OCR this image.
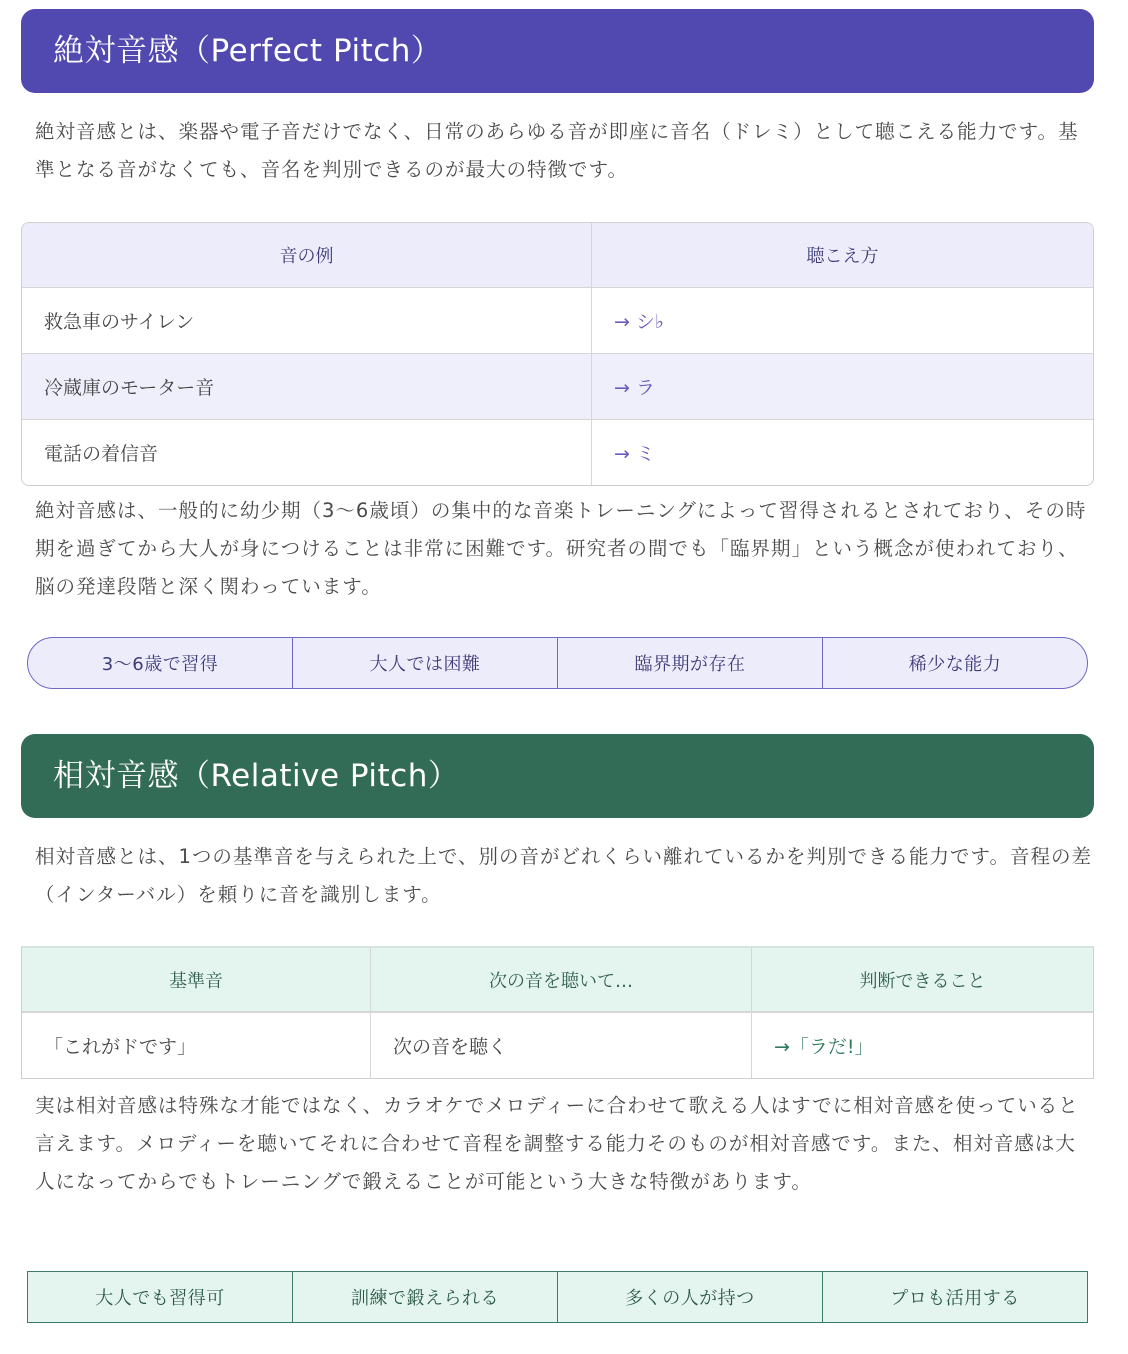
絶対音感（Perfect Pitch）

絶対音感とは、楽器や電子音だけでなく、日常のあらゆる音が即座に音名（ドレミ）として聴こえる能力です。基準となる音がなくても、音名を判別できるのが最大の特徴です。

音の例	聴こえ方
救急車のサイレン	→ シ♭
冷蔵庫のモーター音	→ ラ
電話の着信音	→ ミ

絶対音感は、一般的に幼少期（3〜6歳頃）の集中的な音楽トレーニングによって習得されるとされており、その時期を過ぎてから大人が身につけることは非常に困難です。研究者の間でも「臨界期」という概念が使われており、脳の発達段階と深く関わっています。

3〜6歳で習得	大人では困難	臨界期が存在	稀少な能力
相対音感（Relative Pitch）

相対音感とは、1つの基準音を与えられた上で、別の音がどれくらい離れているかを判別できる能力です。音程の差（インターバル）を頼りに音を識別します。

基準音	次の音を聴いて…	判断できること
「これがドです」	次の音を聴く	→「ラだ!」

実は相対音感は特殊な才能ではなく、カラオケでメロディーに合わせて歌える人はすでに相対音感を使っていると言えます。メロディーを聴いてそれに合わせて音程を調整する能力そのものが相対音感です。また、相対音感は大人になってからでもトレーニングで鍛えることが可能という大きな特徴があります。

大人でも習得可	訓練で鍛えられる	多くの人が持つ	プロも活用する
